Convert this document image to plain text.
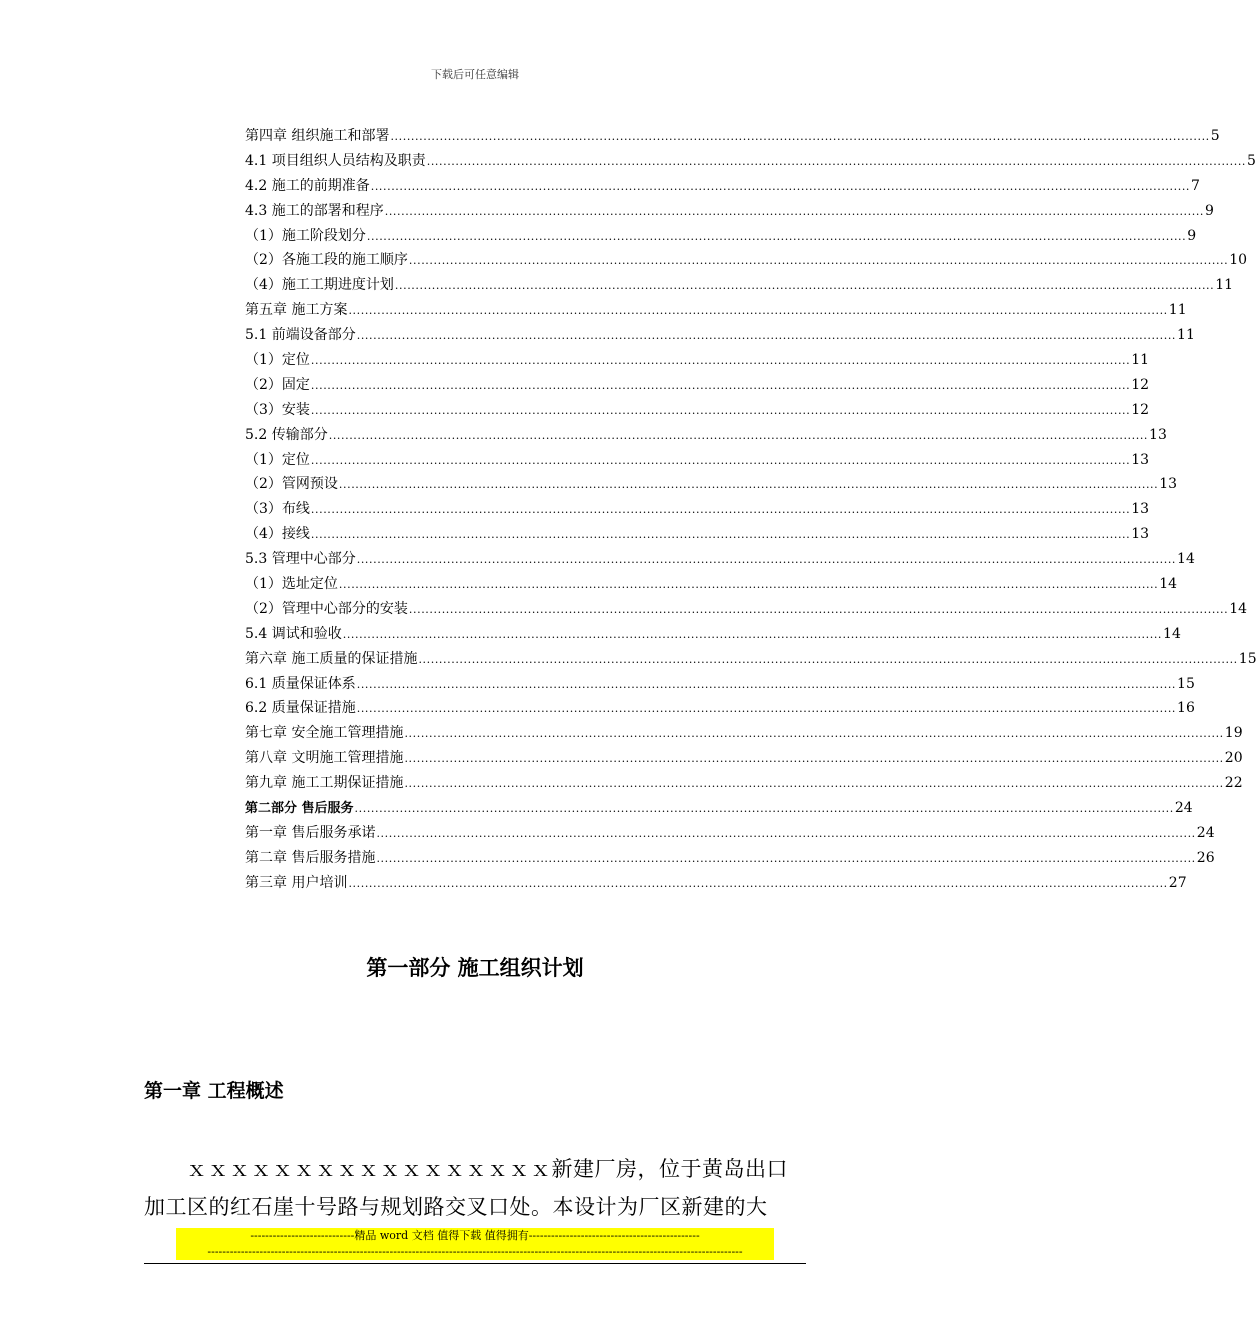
下载后可任意编辑
第四章 组织施工和部署 ........................................................................................................................................................................................................ 5
4.1 项目组织人员结构及职责 ........................................................................................................................................................................................................ 5
4.2 施工的前期准备 ........................................................................................................................................................................................................ 7
4.3 施工的部署和程序 ........................................................................................................................................................................................................ 9
（1）施工阶段划分 ........................................................................................................................................................................................................ 9
（2）各施工段的施工顺序 ........................................................................................................................................................................................................ 10
（4）施工工期进度计划 ........................................................................................................................................................................................................ 11
第五章 施工方案 ........................................................................................................................................................................................................ 11
5.1 前端设备部分 ........................................................................................................................................................................................................ 11
（1）定位 ........................................................................................................................................................................................................ 11
（2）固定 ........................................................................................................................................................................................................ 12
（3）安装 ........................................................................................................................................................................................................ 12
5.2 传输部分 ........................................................................................................................................................................................................ 13
（1）定位 ........................................................................................................................................................................................................ 13
（2）管网预设 ........................................................................................................................................................................................................ 13
（3）布线 ........................................................................................................................................................................................................ 13
（4）接线 ........................................................................................................................................................................................................ 13
5.3 管理中心部分 ........................................................................................................................................................................................................ 14
（1）选址定位 ........................................................................................................................................................................................................ 14
（2）管理中心部分的安装 ........................................................................................................................................................................................................ 14
5.4 调试和验收 ........................................................................................................................................................................................................ 14
第六章 施工质量的保证措施 ........................................................................................................................................................................................................ 15
6.1 质量保证体系 ........................................................................................................................................................................................................ 15
6.2 质量保证措施 ........................................................................................................................................................................................................ 16
第七章 安全施工管理措施 ........................................................................................................................................................................................................ 19
第八章 文明施工管理措施 ........................................................................................................................................................................................................ 20
第九章 施工工期保证措施 ........................................................................................................................................................................................................ 22
第二部分 售后服务 ........................................................................................................................................................................................................ 24
第一章 售后服务承诺 ........................................................................................................................................................................................................ 24
第二章 售后服务措施 ........................................................................................................................................................................................................ 26
第三章 用户培训 ........................................................................................................................................................................................................ 27
第一部分 施工组织计划
第一章 工程概述
ｘｘｘｘｘｘｘｘｘｘｘｘｘｘｘｘｘ新建厂房，位于黄岛出口加工区的红石崖十号路与规划路交叉口处。本设计为厂区新建的大
----------------------------精品 word 文档 值得下载 值得拥有----------------------------------------------
------------------------------------------------------------------------------------------------------------------------------------------------
